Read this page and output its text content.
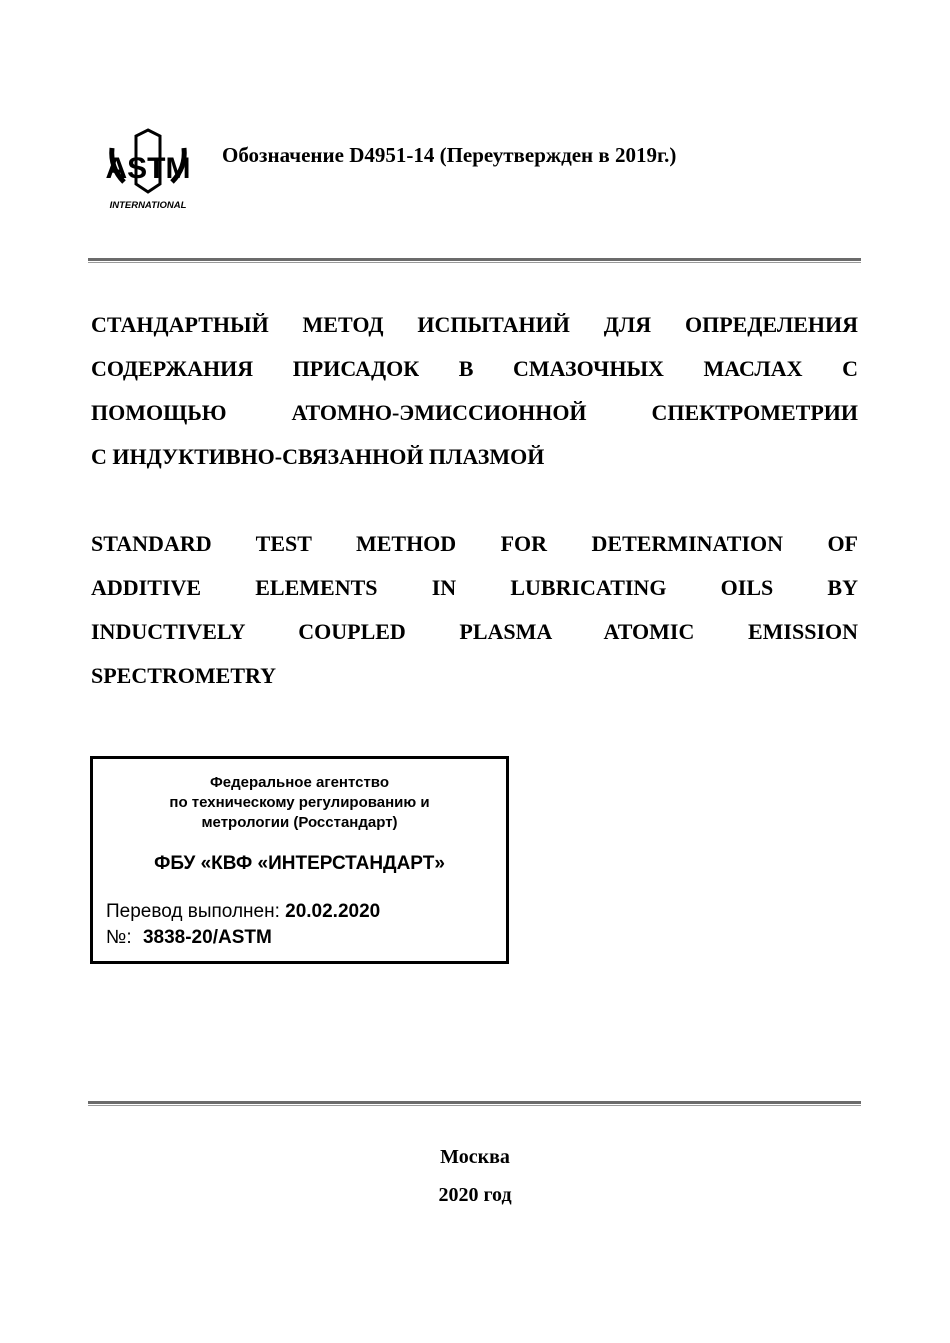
ASTM
INTERNATIONAL
Обозначение D4951-14 (Переутвержден в 2019г.)
СТАНДАРТНЫЙ МЕТОД ИСПЫТАНИЙ ДЛЯ ОПРЕДЕЛЕНИЯ
СОДЕРЖАНИЯ ПРИСАДОК В СМАЗОЧНЫХ МАСЛАХ С
ПОМОЩЬЮ АТОМНО-ЭМИССИОННОЙ СПЕКТРОМЕТРИИ
С ИНДУКТИВНО-СВЯЗАННОЙ ПЛАЗМОЙ
STANDARD TEST METHOD FOR DETERMINATION OF
ADDITIVE ELEMENTS IN LUBRICATING OILS BY
INDUCTIVELY COUPLED PLASMA ATOMIC EMISSION
SPECTROMETRY
Федеральное агентство
по техническому регулированию и
метрологии (Росстандарт)
ФБУ «КВФ «ИНТЕРСТАНДАРТ»
Перевод выполнен: 20.02.2020
№: 3838-20/ASTM
Москва
2020 год
